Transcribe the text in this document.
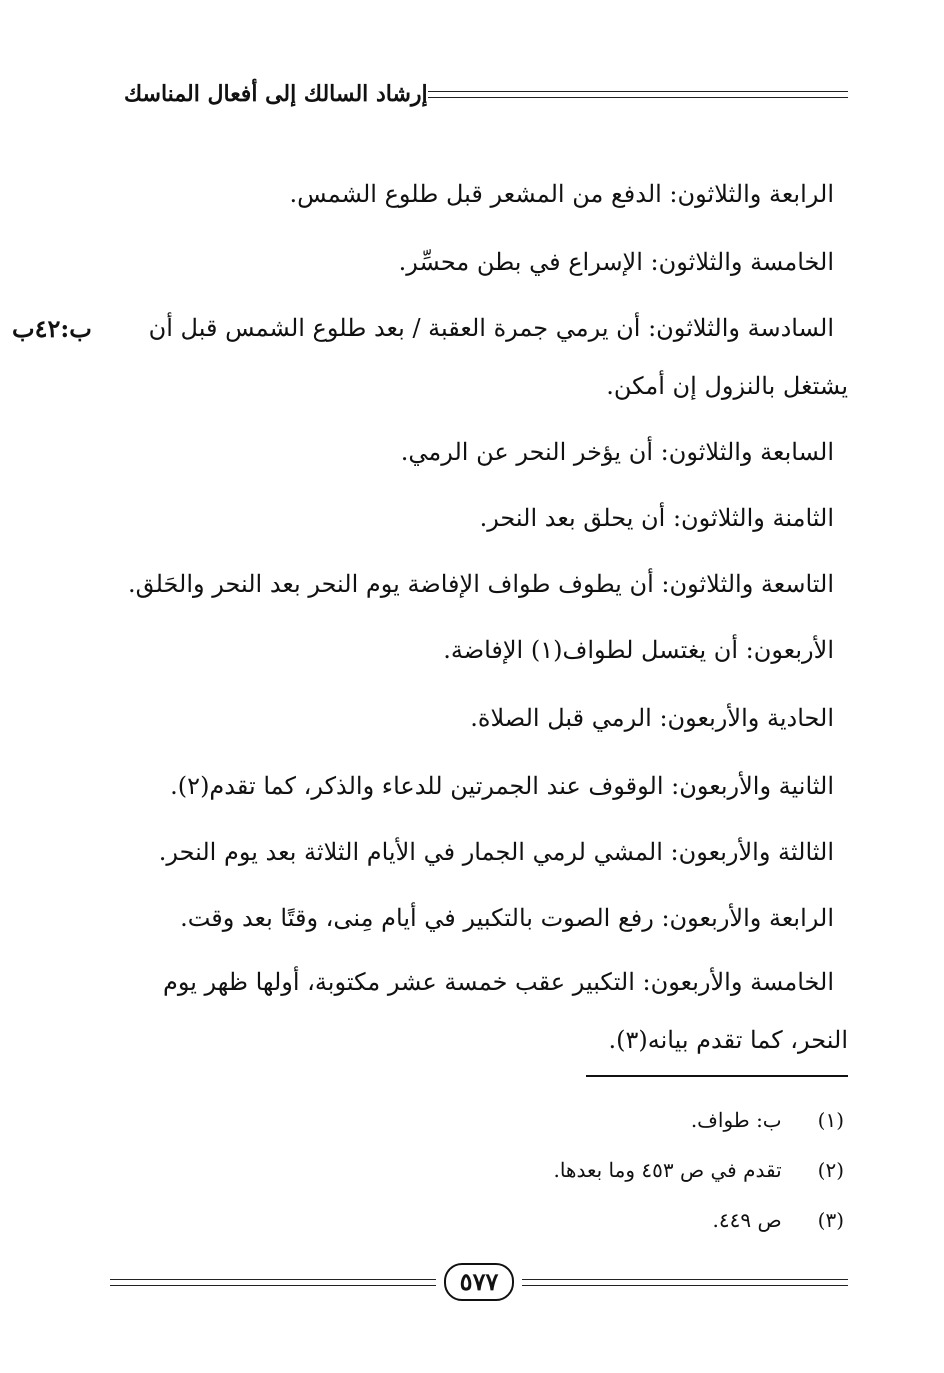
إرشاد السالك إلى أفعال المناسك
الرابعة والثلاثون: الدفع من المشعر قبل طلوع الشمس.
الخامسة والثلاثون: الإسراع في بطن محسِّر.
السادسة والثلاثون: أن يرمي جمرة العقبة / بعد طلوع الشمس قبل أن
ب:٤٢ب
يشتغل بالنزول إن أمكن.
السابعة والثلاثون: أن يؤخر النحر عن الرمي.
الثامنة والثلاثون: أن يحلق بعد النحر.
التاسعة والثلاثون: أن يطوف طواف الإفاضة يوم النحر بعد النحر والحَلق.
الأربعون: أن يغتسل لطواف(١) الإفاضة.
الحادية والأربعون: الرمي قبل الصلاة.
الثانية والأربعون: الوقوف عند الجمرتين للدعاء والذكر، كما تقدم(٢).
الثالثة والأربعون: المشي لرمي الجمار في الأيام الثلاثة بعد يوم النحر.
الرابعة والأربعون: رفع الصوت بالتكبير في أيام مِنى، وقتًا بعد وقت.
الخامسة والأربعون: التكبير عقب خمسة عشر مكتوبة، أولها ظهر يوم
النحر، كما تقدم بيانه(٣).
(١) ب: طواف.
(٢) تقدم في ص ٤٥٣ وما بعدها.
(٣) ص ٤٤٩.
٥٧٧
